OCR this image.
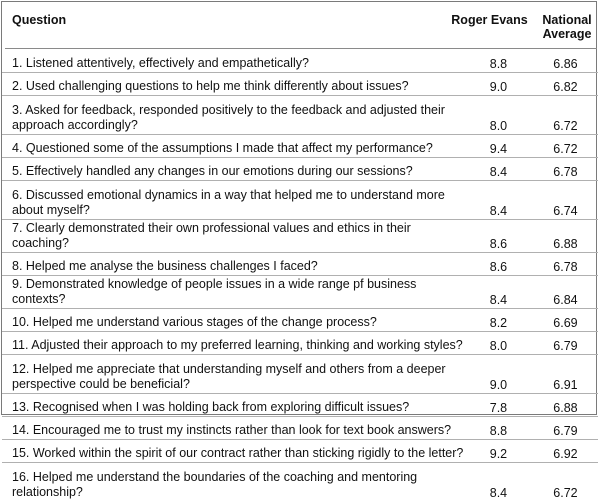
Question	Roger Evans	National Average
1. Listened attentively, effectively and empathetically?	8.8	6.86
2. Used challenging questions to help me think differently about issues?	9.0	6.82
3. Asked for feedback, responded positively to the feedback and adjusted their approach accordingly?	8.0	6.72
4. Questioned some of the assumptions I made that affect my performance?	9.4	6.72
5. Effectively handled any changes in our emotions during our sessions?	8.4	6.78
6. Discussed emotional dynamics in a way that helped me to understand more about myself?	8.4	6.74
7. Clearly demonstrated their own professional values and ethics in their coaching?	8.6	6.88
8. Helped me analyse the business challenges I faced?	8.6	6.78
9. Demonstrated knowledge of people issues in a wide range pf business contexts?	8.4	6.84
10. Helped me understand various stages of the change process?	8.2	6.69
11. Adjusted their approach to my preferred learning, thinking and working styles?	8.0	6.79
12. Helped me appreciate that understanding myself and others from a deeper perspective could be beneficial?	9.0	6.91
13. Recognised when I was holding back from exploring difficult issues?	7.8	6.88
14. Encouraged me to trust my instincts rather than look for text book answers?	8.8	6.79
15. Worked within the spirit of our contract rather than sticking rigidly to the letter?	9.2	6.92
16. Helped me understand the boundaries of the coaching and mentoring relationship?	8.4	6.72
